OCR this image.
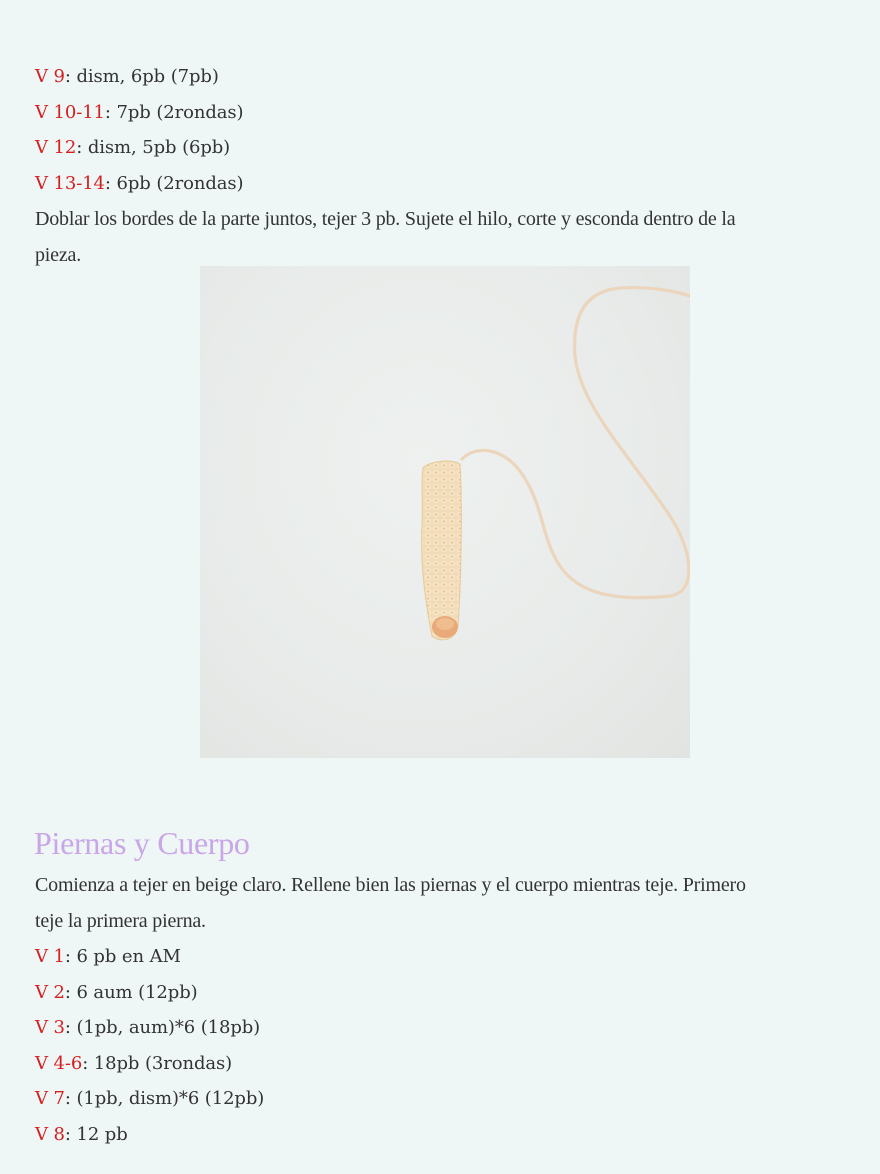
V 9: dism, 6pb (7pb)
V 10-11: 7pb (2rondas)
V 12: dism, 5pb (6pb)
V 13-14: 6pb (2rondas)
Doblar los bordes de la parte juntos, tejer 3 pb. Sujete el hilo, corte y esconda dentro de la
pieza.
Piernas y Cuerpo
Comienza a tejer en beige claro. Rellene bien las piernas y el cuerpo mientras teje. Primero
teje la primera pierna.
V 1: 6 pb en AM
V 2: 6 aum (12pb)
V 3: (1pb, aum)*6 (18pb)
V 4-6: 18pb (3rondas)
V 7: (1pb, dism)*6 (12pb)
V 8: 12 pb
